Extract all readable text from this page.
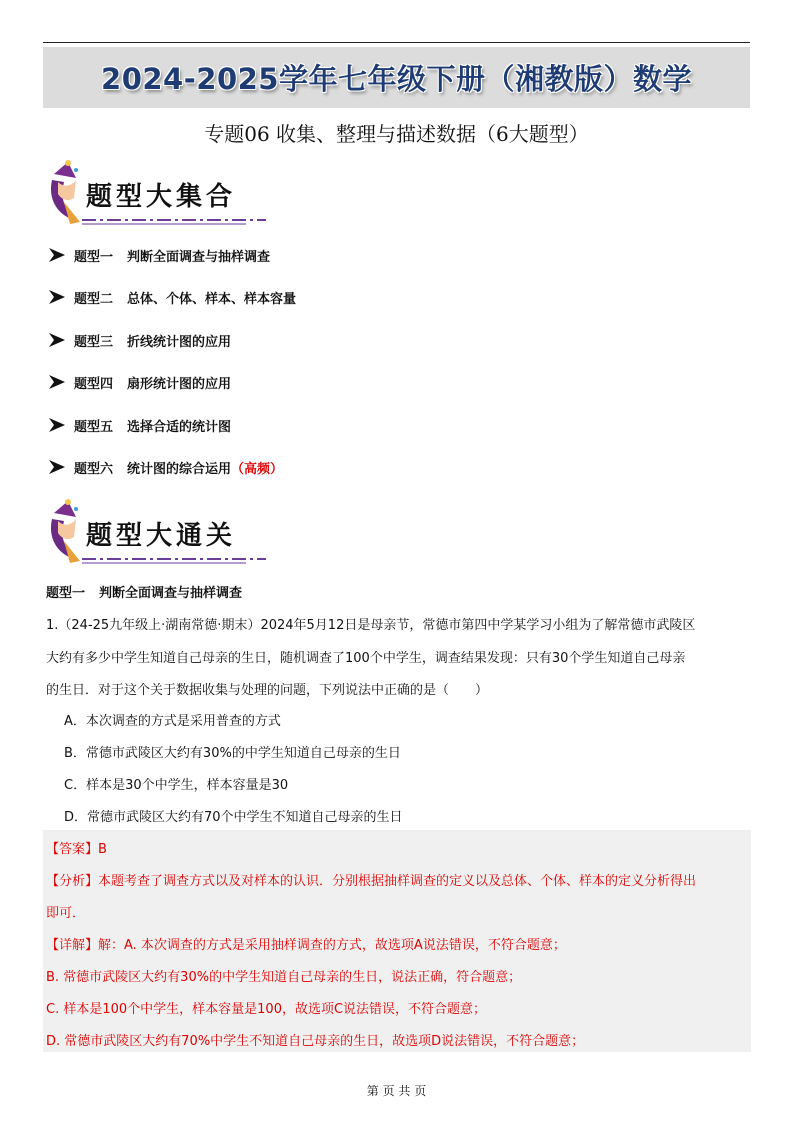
2024-2025学年七年级下册（湘教版）数学
专题06 收集、整理与描述数据（6大题型）
题型大集合
题型一 判断全面调查与抽样调查
题型二 总体、个体、样本、样本容量
题型三 折线统计图的应用
题型四 扇形统计图的应用
题型五 选择合适的统计图
题型六 统计图的综合运用 （高频）
题型大通关
题型一 判断全面调查与抽样调查
1.（24-25九年级上·湖南常德·期末）2024年5月12日是母亲节，常德市第四中学某学习小组为了解常德市武陵区
大约有多少中学生知道自己母亲的生日，随机调查了100个中学生，调查结果发现：只有30个学生知道自己母亲
的生日．对于这个关于数据收集与处理的问题，下列说法中正确的是（　　）
A．本次调查的方式是采用普查的方式
B．常德市武陵区大约有30%的中学生知道自己母亲的生日
C．样本是30个中学生，样本容量是30
D．常德市武陵区大约有70个中学生不知道自己母亲的生日
【答案】B
【分析】本题考查了调查方式以及对样本的认识．分别根据抽样调查的定义以及总体、个体、样本的定义分析得出
即可．
【详解】解：A. 本次调查的方式是采用抽样调查的方式，故选项A说法错误，不符合题意；
B. 常德市武陵区大约有30%的中学生知道自己母亲的生日，说法正确，符合题意；
C. 样本是100个中学生，样本容量是100，故选项C说法错误，不符合题意；
D. 常德市武陵区大约有70%中学生不知道自己母亲的生日，故选项D说法错误，不符合题意；
第 页 共 页
